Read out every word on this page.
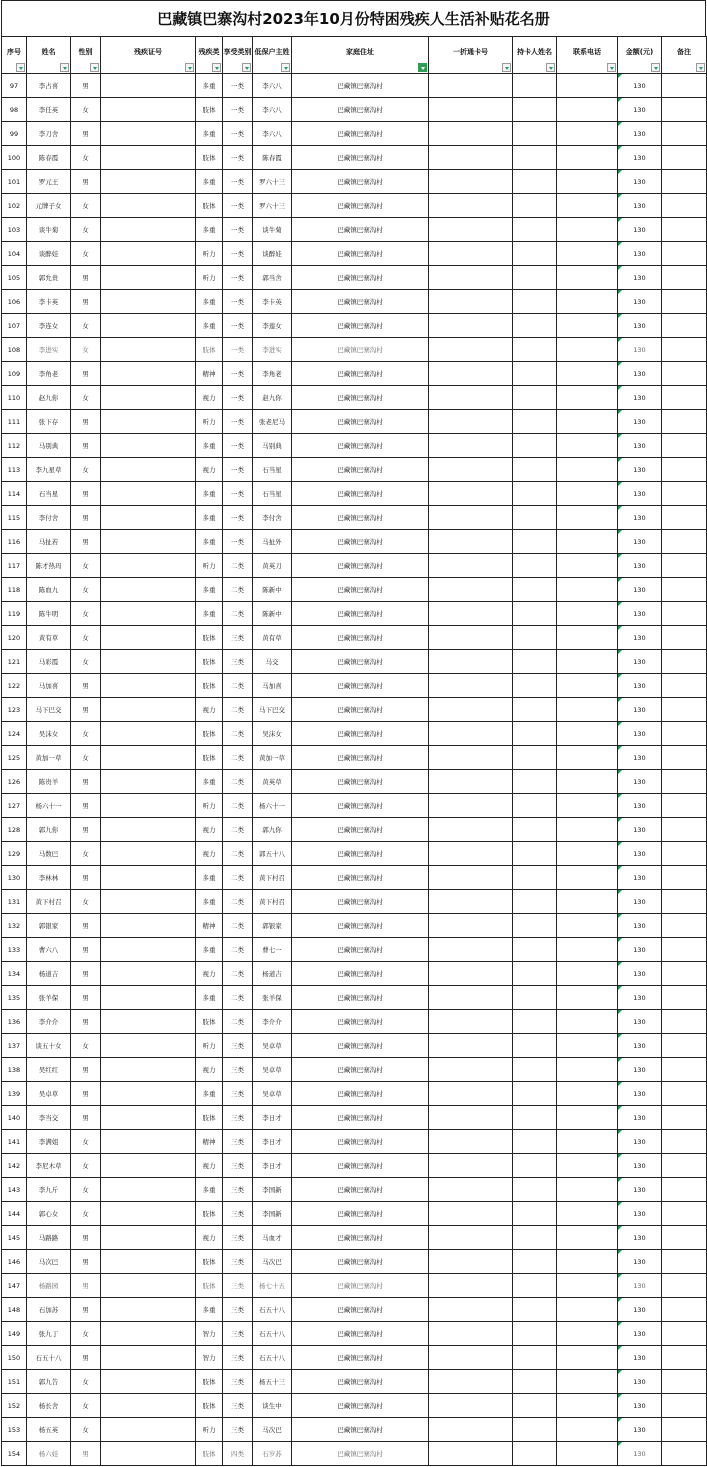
巴藏镇巴寨沟村2023年10月份特困残疾人生活补贴花名册
序号	姓名	性别	残疾证号	残疾类	享受类别	低保户主姓	家庭住址	一折通卡号	持卡人姓名	联系电话	金额(元)	备注

97	李占喜	男		多重	一类	李六八	巴藏镇巴寨沟村				130

98	李任英	女		肢体	一类	李六八	巴藏镇巴寨沟村				130

99	李刀舍	男		多重	一类	李六八	巴藏镇巴寨沟村				130

100	陈春霞	女		肢体	一类	陈春霞	巴藏镇巴寨沟村				130

101	罗元王	男		多重	一类	罗六十三	巴藏镇巴寨沟村				130

102	元牌子女	女		肢体	一类	罗六十三	巴藏镇巴寨沟村				130

103	谈牛菊	女		多重	一类	谈牛菊	巴藏镇巴寨沟村				130

104	谈醉娃	女		听力	一类	谈醉娃	巴藏镇巴寨沟村				130

105	郭允贵	男		听力	一类	郭当舍	巴藏镇巴寨沟村				130

106	李卡英	男		多重	一类	李卡英	巴藏镇巴寨沟村				130

107	李连女	女		多重	一类	李莲女	巴藏镇巴寨沟村				130

108	李进实	女		肢体	一类	李进实	巴藏镇巴寨沟村				130

109	李角老	男		精神	一类	李角老	巴藏镇巴寨沟村				130

110	赵九你	女		视力	一类	赵九你	巴藏镇巴寨沟村				130

111	张下存	男		听力	一类	张老尼马	巴藏镇巴寨沟村				130

112	马别典	男		多重	一类	马别典	巴藏镇巴寨沟村				130

113	李九星草	女		视力	一类	石当星	巴藏镇巴寨沟村				130

114	石当星	男		多重	一类	石当星	巴藏镇巴寨沟村				130

115	李付舍	男		多重	一类	李付舍	巴藏镇巴寨沟村				130

116	马扯若	男		多重	一类	马扯外	巴藏镇巴寨沟村				130

117	陈才热玛	女		听力	二类	黄英刀	巴藏镇巴寨沟村				130

118	陈血九	女		多重	二类	陈新中	巴藏镇巴寨沟村				130

119	陈牛明	女		多重	二类	陈新中	巴藏镇巴寨沟村				130

120	黄有草	女		肢体	三类	黄有草	巴藏镇巴寨沟村				130

121	马彩霞	女		肢体	三类	马交	巴藏镇巴寨沟村				130

122	马加喜	男		肢体	二类	马加喜	巴藏镇巴寨沟村				130

123	马下巴交	男		视力	二类	马下巴交	巴藏镇巴寨沟村				130

124	吴沫女	女		肢体	二类	吴沫女	巴藏镇巴寨沟村				130

125	黄加一草	女		肢体	二类	黄加一草	巴藏镇巴寨沟村				130

126	陈贵羊	男		多重	二类	黄英草	巴藏镇巴寨沟村				130

127	杨六十一	男		听力	二类	杨六十一	巴藏镇巴寨沟村				130

128	郭九你	男		视力	二类	郭九你	巴藏镇巴寨沟村				130

129	马数巴	女		视力	二类	郭五十八	巴藏镇巴寨沟村				130

130	李林林	男		多重	二类	黄下村召	巴藏镇巴寨沟村				130

131	黄下村召	女		多重	二类	黄下村召	巴藏镇巴寨沟村				130

132	郭银家	男		精神	二类	郭银家	巴藏镇巴寨沟村				130

133	曹六八	男		多重	二类	曹七一	巴藏镇巴寨沟村				130

134	杨道吉	男		视力	二类	杨道吉	巴藏镇巴寨沟村				130

135	张羊保	男		多重	二类	张羊保	巴藏镇巴寨沟村				130

136	李介介	男		肢体	二类	李介介	巴藏镇巴寨沟村				130

137	谈五十女	女		听力	三类	吴卓草	巴藏镇巴寨沟村				130

138	吴红红	男		视力	三类	吴卓草	巴藏镇巴寨沟村				130

139	吴卓草	男		多重	三类	吴卓草	巴藏镇巴寨沟村				130

140	李当交	男		肢体	三类	李日才	巴藏镇巴寨沟村				130

141	李满姐	女		精神	三类	李日才	巴藏镇巴寨沟村				130

142	李尼木草	女		视力	三类	李日才	巴藏镇巴寨沟村				130

143	李九斤	女		多重	三类	李国新	巴藏镇巴寨沟村				130

144	郭心女	女		肢体	三类	李国新	巴藏镇巴寨沟村				130

145	马路路	男		视力	三类	马血才	巴藏镇巴寨沟村				130

146	马次巴	男		肢体	三类	马次巴	巴藏镇巴寨沟村				130

147	杨路园	男		肢体	三类	杨七十五	巴藏镇巴寨沟村				130

148	石加苏	男		多重	三类	石五十八	巴藏镇巴寨沟村				130

149	张九丁	女		智力	三类	石五十八	巴藏镇巴寨沟村				130

150	石五十八	男		智力	三类	石五十八	巴藏镇巴寨沟村				130

151	郭九告	女		肢体	三类	杨五十三	巴藏镇巴寨沟村				130

152	杨长舍	女		肢体	三类	谈生中	巴藏镇巴寨沟村				130

153	杨五英	女		听力	三类	马次巴	巴藏镇巴寨沟村				130

154	杨六娃	男		肢体	四类	石岁苏	巴藏镇巴寨沟村				130
